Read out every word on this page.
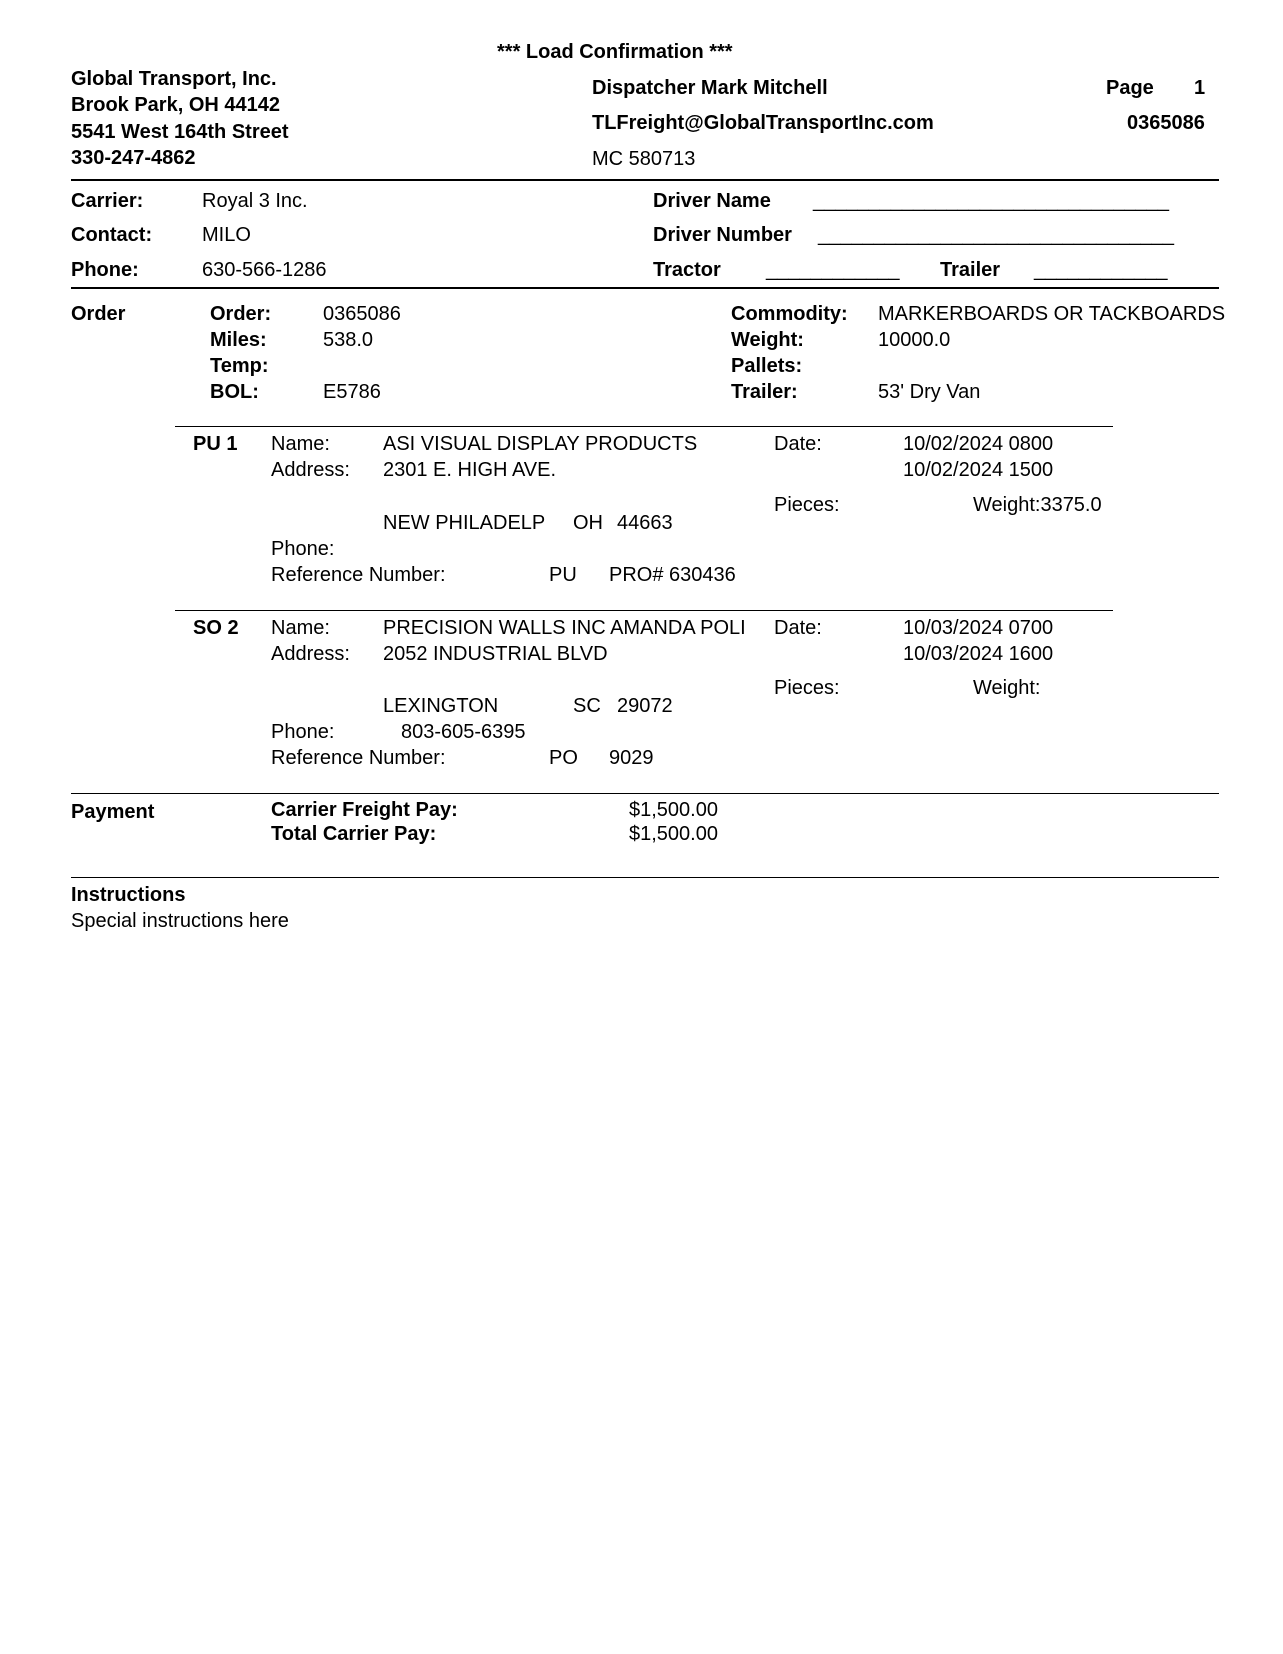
*** Load Confirmation ***
Global Transport, Inc.
Brook Park, OH 44142
5541 West 164th Street
330-247-4862
Dispatcher Mark Mitchell
TLFreight@GlobalTransportInc.com
MC 580713
Page 1
0365086
Carrier:	Royal 3 Inc.
Contact: MILO
Phone:	630-566-1286
Driver Name ________________________________
Driver Number ________________________________
Tractor ____________ Trailer ____________
Order	Order:	0365086
Miles:	538.0
Temp:
BOL:	E5786
Commodity: MARKERBOARDS OR TACKBOARDS
Weight:	10000.0
Pallets:
Trailer:	53' Dry Van
PU 1 Name:	ASI VISUAL DISPLAY PRODUCTS
Address: 2301 E. HIGH AVE.
NEW PHILADELP OH 44663
Phone:
Reference Number:	PU PRO# 630436
Date:	10/02/2024 0800
10/02/2024 1500
Pieces:	Weight:3375.0
SO 2 Name:	PRECISION WALLS INC AMANDA POLI
Address: 2052 INDUSTRIAL BLVD
LEXINGTON	SC 29072
Phone:	803-605-6395
Reference Number:	PO 9029
Date:	10/03/2024 0700
10/03/2024 1600
Pieces:	Weight:
Payment	Carrier Freight Pay:	$1,500.00
Total Carrier Pay:	$1,500.00
Instructions
Special instructions here
